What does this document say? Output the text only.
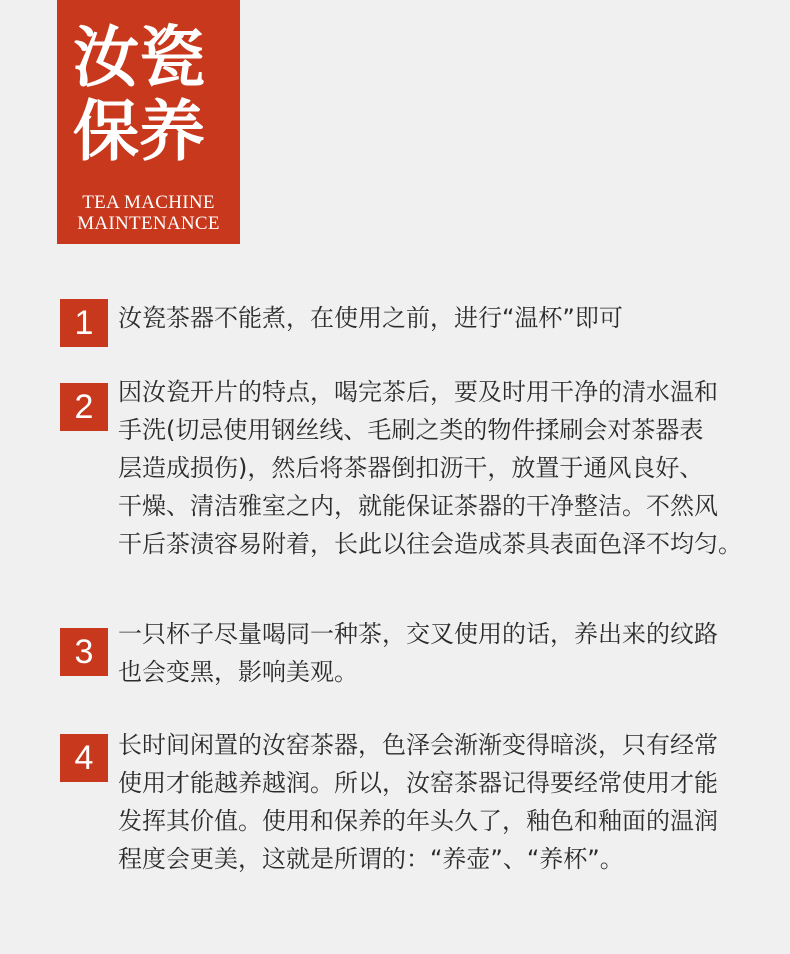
汝瓷
保养
TEA MACHINE
MAINTENANCE
1	汝瓷茶器不能煮，在使用之前，进行“温杯”即可
2	因汝瓷开片的特点，喝完茶后，要及时用干净的清水温和
手洗(切忌使用钢丝线、毛刷之类的物件揉刷会对茶器表
层造成损伤)，然后将茶器倒扣沥干，放置于通风良好、
干燥、清洁雅室之内，就能保证茶器的干净整洁。不然风
干后茶渍容易附着，长此以往会造成茶具表面色泽不均匀。
3	一只杯子尽量喝同一种茶，交叉使用的话，养出来的纹路
也会变黑，影响美观。
4	长时间闲置的汝窑茶器，色泽会渐渐变得暗淡，只有经常
使用才能越养越润。所以，汝窑茶器记得要经常使用才能
发挥其价值。使用和保养的年头久了，釉色和釉面的温润
程度会更美，这就是所谓的：“养壶”、“养杯”。
